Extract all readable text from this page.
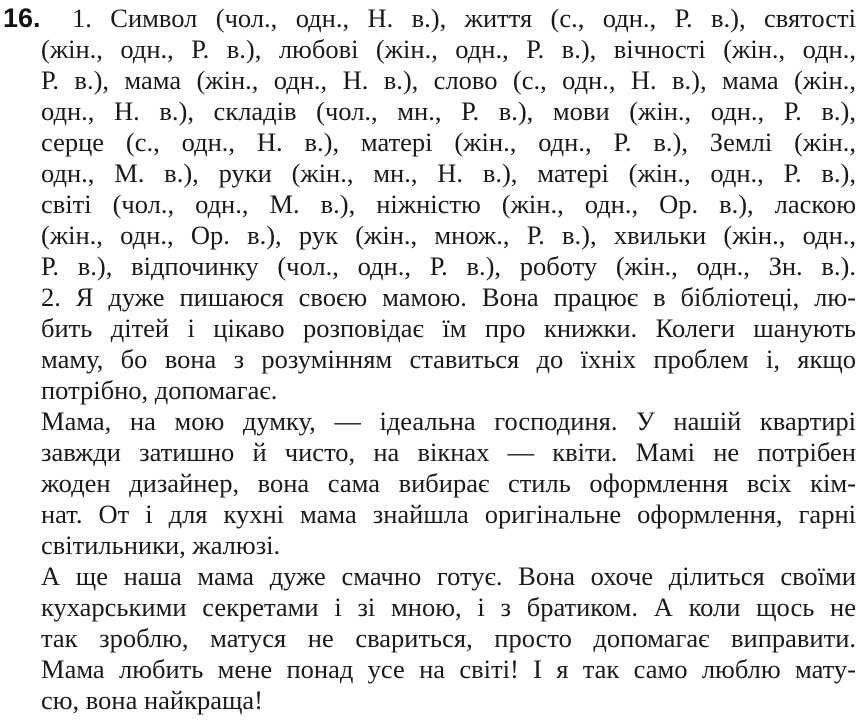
16. 1. Символ (чол., одн., Н. в.), життя (с., одн., Р. в.), святості
(жін., одн., Р. в.), любові (жін., одн., Р. в.), вічності (жін., одн.,
Р. в.), мама (жін., одн., Н. в.), слово (с., одн., Н. в.), мама (жін.,
одн., Н. в.), складів (чол., мн., Р. в.), мови (жін., одн., Р. в.),
серце (с., одн., Н. в.), матері (жін., одн., Р. в.), Землі (жін.,
одн., М. в.), руки (жін., мн., Н. в.), матері (жін., одн., Р. в.),
світі (чол., одн., М. в.), ніжністю (жін., одн., Ор. в.), ласкою
(жін., одн., Ор. в.), рук (жін., множ., Р. в.), хвильки (жін., одн.,
Р. в.), відпочинку (чол., одн., Р. в.), роботу (жін., одн., Зн. в.).
2. Я дуже пишаюся своєю мамою. Вона працює в бібліотеці, лю-
бить дітей і цікаво розповідає їм про книжки. Колеги шанують
маму, бо вона з розумінням ставиться до їхніх проблем і, якщо
потрібно, допомагає.
Мама, на мою думку, — ідеальна господиня. У нашій квартирі
завжди затишно й чисто, на вікнах — квіти. Мамі не потрібен
жоден дизайнер, вона сама вибирає стиль оформлення всіх кім-
нат. От і для кухні мама знайшла оригінальне оформлення, гарні
світильники, жалюзі.
А ще наша мама дуже смачно готує. Вона охоче ділиться своїми
кухарськими секретами і зі мною, і з братиком. А коли щось не
так зроблю, матуся не свариться, просто допомагає виправити.
Мама любить мене понад усе на світі! І я так само люблю мату-
сю, вона найкраща!
